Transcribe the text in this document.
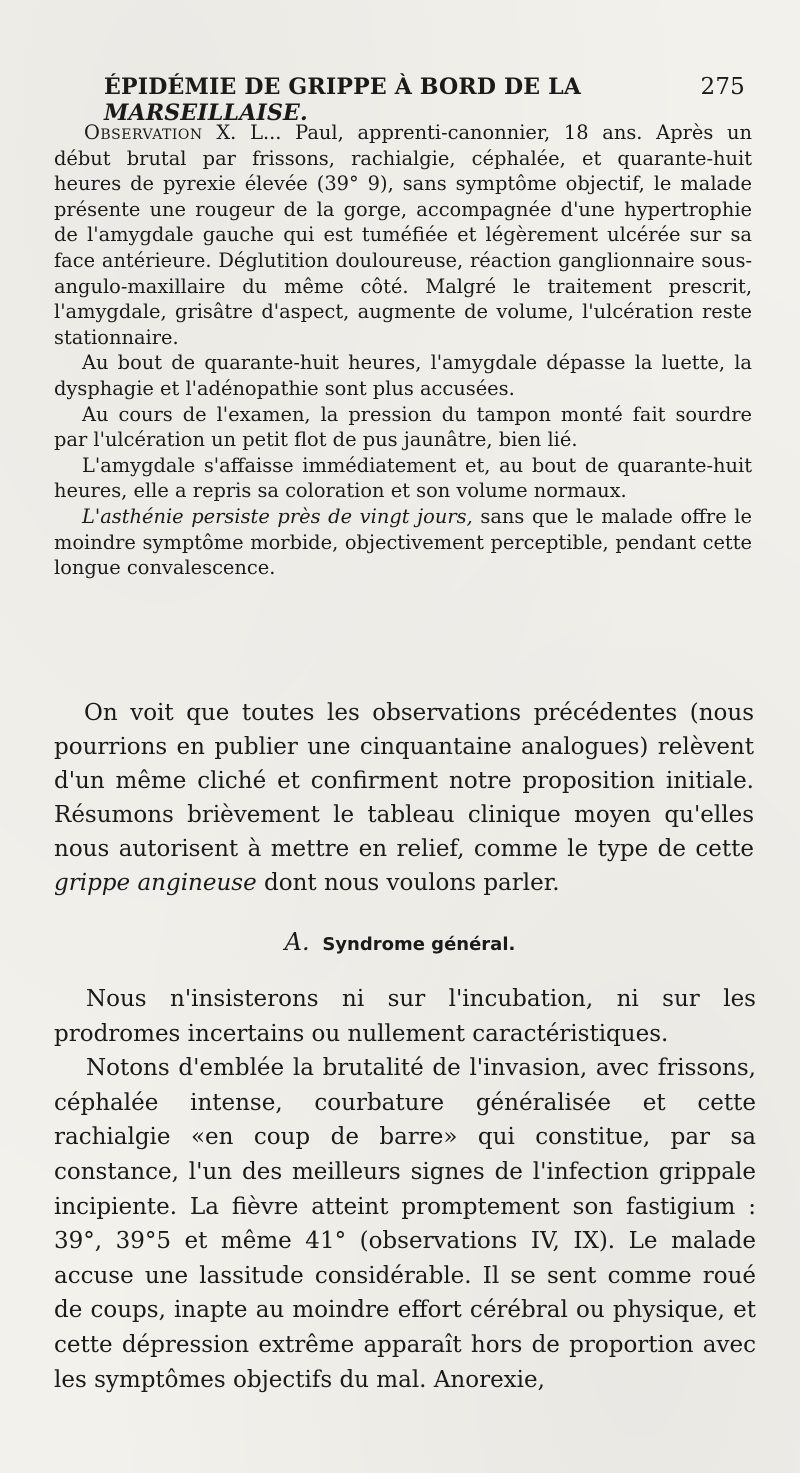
ÉPIDÉMIE DE GRIPPE À BORD DE LA MARSEILLAISE.
275

Observation X. L... Paul, apprenti-canonnier, 18 ans. Après un début brutal par frissons, rachialgie, céphalée, et quarante-huit heures de pyrexie élevée (39° 9), sans symptôme objectif, le malade présente une rougeur de la gorge, accompagnée d'une hypertrophie de l'amygdale gauche qui est tuméfiée et légèrement ulcérée sur sa face antérieure. Déglutition douloureuse, réaction ganglionnaire sous-angulo-maxillaire du même côté. Malgré le traitement prescrit, l'amygdale, grisâtre d'aspect, augmente de volume, l'ulcération reste stationnaire.

Au bout de quarante-huit heures, l'amygdale dépasse la luette, la dysphagie et l'adénopathie sont plus accusées.

Au cours de l'examen, la pression du tampon monté fait sourdre par l'ulcération un petit flot de pus jaunâtre, bien lié.

L'amygdale s'affaisse immédiatement et, au bout de quarante-huit heures, elle a repris sa coloration et son volume normaux.

L'asthénie persiste près de vingt jours, sans que le malade offre le moindre symptôme morbide, objectivement perceptible, pendant cette longue convalescence.

On voit que toutes les observations précédentes (nous pourrions en publier une cinquantaine analogues) relèvent d'un même cliché et confirment notre proposition initiale. Résumons brièvement le tableau clinique moyen qu'elles nous autorisent à mettre en relief, comme le type de cette grippe angineuse dont nous voulons parler.

A. Syndrome général.

Nous n'insisterons ni sur l'incubation, ni sur les prodromes incertains ou nullement caractéristiques.

Notons d'emblée la brutalité de l'invasion, avec frissons, céphalée intense, courbature généralisée et cette rachialgie «en coup de barre» qui constitue, par sa constance, l'un des meilleurs signes de l'infection grippale incipiente. La fièvre atteint promptement son fastigium : 39°, 39°5 et même 41° (observations IV, IX). Le malade accuse une lassitude considérable. Il se sent comme roué de coups, inapte au moindre effort cérébral ou physique, et cette dépression extrême apparaît hors de proportion avec les symptômes objectifs du mal. Anorexie,
